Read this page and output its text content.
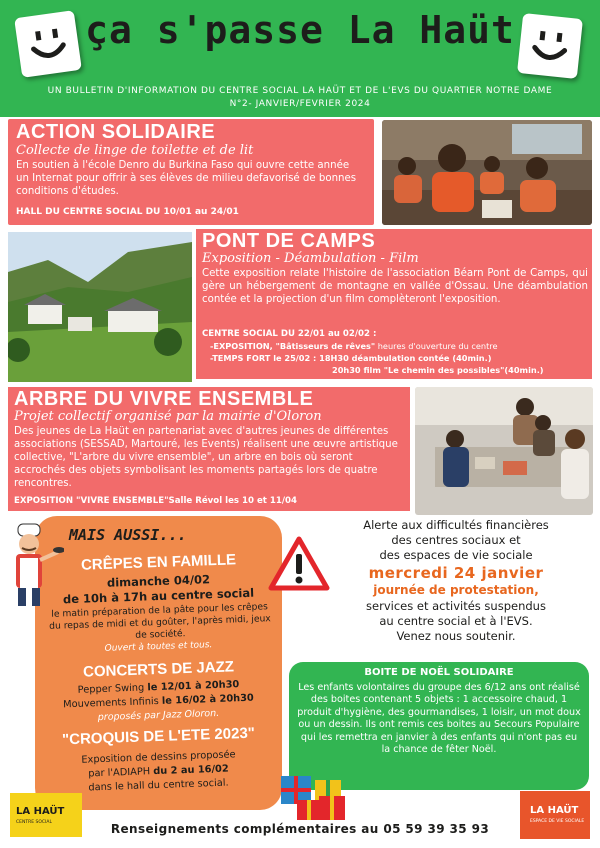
ça s'passe La Haüt
UN BULLETIN D'INFORMATION DU CENTRE SOCIAL LA HAÜT ET DE L'EVS DU QUARTIER NOTRE DAME
N°2- JANVIER/FEVRIER 2024
ACTION SOLIDAIRE
Collecte de linge de toilette et de lit
En soutien à l'école Denro du Burkina Faso qui ouvre cette année un Internat pour offrir à ses élèves de milieu defavorisé de bonnes conditions d'études.
HALL DU CENTRE SOCIAL DU 10/01 au 24/01
PONT DE CAMPS
Exposition - Déambulation - Film
Cette exposition relate l'histoire de l'association Béarn Pont de Camps, qui gère un hébergement de montagne en vallée d'Ossau. Une déambulation contée et la projection d'un film complèteront l'exposition.
CENTRE SOCIAL DU 22/01 au 02/02 :
-EXPOSITION, "Bâtisseurs de rêves" heures d'ouverture du centre
-TEMPS FORT le 25/02 : 18H30 déambulation contée (40min.)
20h30 film "Le chemin des possibles"(40min.)
ARBRE DU VIVRE ENSEMBLE
Projet collectif organisé par la mairie d'Oloron
Des jeunes de La Haüt en partenariat avec d'autres jeunes de différentes associations (SESSAD, Martouré, les Events) réalisent une œuvre artistique collective, "L'arbre du vivre ensemble", un arbre en bois où seront accrochés des objets symbolisant les moments partagés lors de quatre rencontres.
EXPOSITION "VIVRE ENSEMBLE"Salle Révol les 10 et 11/04
MAIS AUSSI...
CRÊPES EN FAMILLE
dimanche 04/02
de 10h à 17h au centre social
le matin préparation de la pâte pour les crêpes du repas de midi et du goûter, l'après midi, jeux de société.
Ouvert à toutes et tous.
CONCERTS DE JAZZ
Pepper Swing le 12/01 à 20h30
Mouvements Infinis le 16/02 à 20h30
proposés par Jazz Oloron.
"CROQUIS DE L'ETE 2023"
Exposition de dessins proposée
par l'ADIAPH du 2 au 16/02
dans le hall du centre social.
Alerte aux difficultés financières
des centres sociaux et
des espaces de vie sociale
mercredi 24 janvier
journée de protestation,
services et activités suspendus
au centre social et à l'EVS.
Venez nous soutenir.
BOITE DE NOËL SOLIDAIRE
Les enfants volontaires du groupe des 6/12 ans ont réalisé des boites contenant 5 objets : 1 accessoire chaud, 1 produit d'hygiène, des gourmandises, 1 loisir, un mot doux ou un dessin. Ils ont remis ces boites au Secours Populaire qui les remettra en janvier à des enfants qui n'ont pas eu la chance de fêter Noël.
LA HAÜT
CENTRE SOCIAL
LA HAÜT
ESPACE DE VIE SOCIALE
Renseignements complémentaires au 05 59 39 35 93
